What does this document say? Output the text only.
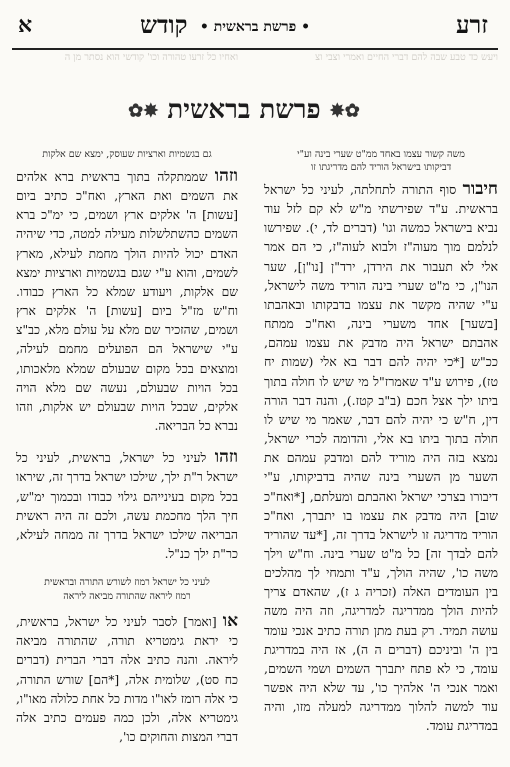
זרע
• פרשת בראשית •
קודש
א
ויעש כד טבע שבה להם דברי החיים ואמרי וצבי וצ
ואחיו כל זרעו טהורה וכו' קודשי הוא נסתר מן ה
✿✸ פרשת בראשית ✸✿
משה קשור עצמו באחד ממ"ט שערי בינה וע"י
דביקותו בישראל הוריד להם מדריגתו זו
חיבור סוף התורה לתחלתה, לעיני כל ישראל בראשית. ע"ד שפירשתי מ"ש לא קם לזל עוד נביא בישראל כמשה וגו' (דברים לד, י). שפירשו לנלמם מוך מעוה"ז ולבוא לעוה"ז, כי הם אמר אלי לא תעבור את הירדן, ירד"ן [נו"ן], שער הנו"ן, כי מ"ט שערי בינה הוריד משה לישראל, ע"י שהיה מקשר את עצמו בדבקותו ובאהבתו [בשער] אחד משערי בינה, ואח"כ ממתח אהבתם ישראל היה מדבק את עצמו עמהם, ככ"ש [*כי יהיה להם דבר בא אלי (שמות יח טז), פירוש ע"ד שאמרז"ל מי שיש לו חולה בתוך ביתו ילך אצל חכם (ב"ב קטז.), והנה דבר הורה דין, ח"ש כי יהיה להם דבר, שאמר מי שיש לו חולה בתוך ביתו בא אלי, והדומה לכרי ישראל, נמצא בזה היה מוריד להם ומדבק עמהם את השער מן השערי בינה שהיה בדביקותו, ע"י דיבורו בצרכי ישראל ואהבתם ומעלתם, [*ואח"כ שוב] היה מדבק את עצמו בו יתברך, ואח"כ הוריד מדריגה זו לישראל בדרך זה, [*עד שהוריד להם לבדך זה] כל מ"ט שערי בינה. וח"ש וילך משה כו', שהיה הולך, ע"ד ותמחי לך מהלכים בין העומדים האלה (זכריה ג ז), שהאדם צריך להיות הולך ממדריגה למדריגה, וזה היה משה עושה תמיד. רק בעת מתן תורה כתיב אנכי עומד בין ה' וביניכם (דברים ה ה), אז היה במדריגת עומד, כי לא פתח יתברך השמים ושמי השמים, ואמר אנכי ה' אלהיך כו', עד שלא היה אפשר עוד למשה להלוך ממדריגה למעלה מזו, והיה במדריגת עומד.
גם בגשמיות וארציות שעוסק, ימצא שם אלקות
וזהו שממתקלה בתוך בראשית ברא אלהים את השמים ואת הארץ, ואח"כ כתיב ביום [עשות] ה' אלקים ארץ ושמים, כי ימ"כ ברא השמים כהשתלשלות מעילה למטה, כדי שיהיה האדם יכול להיות הולך מחמת לעילא, מארץ לשמים, והוא ע"י שגם בגשמיות וארציות ימצא שם אלקות, ויעודע שמלא כל הארץ כבודו. וח"ש מז"ל ביום [עשות] ה' אלקים ארץ ושמים, שהזכיר שם מלא על עולם מלא, כב"צ ע"י שישראל הם הפועלים מחמם לעילה, ומוצאים בכל מקום שבעולם שמלא מלאכותו, בכל הויות שבעולם, נעשה שם מלא הויה אלקים, שבכל הויות שבעולם יש אלקות, וזהו נברא כל הבריאה.
וזהו לעיני כל ישראל, בראשית, לעיני כל ישראל ר"ת ילך, שילכו ישראל בדרך זה, שיראו בכל מקום בעינייהם גילוי כבודו ובכמוך ימ"ש, חיך הלך מחכמת עשה, ולכם זה היה ראשית הבריאה שילכו ישראל בדרך זה ממחה לעילא, כר"ת ילך כנ"ל.
לעיני כל ישראל רמוז לשורש התורה ובראשית
רמוז ליראה שהתורה מביאה ליראה
או [ואמר] לסבר לעיני כל ישראל, בראשית, כי יראת גימטריא תורה, שהתורה מביאה ליראה. והנה כתיב אלה דברי הברית (דברים כח סט), שלומית אלה, [*הם] שורש התורה, כי אלה רומז לאו"ו מדות כל אחת כלולה מאו"ו, גימטריא אלה, ולכן כמה פעמים כתיב אלה דברי המצות והחוקים כו',
